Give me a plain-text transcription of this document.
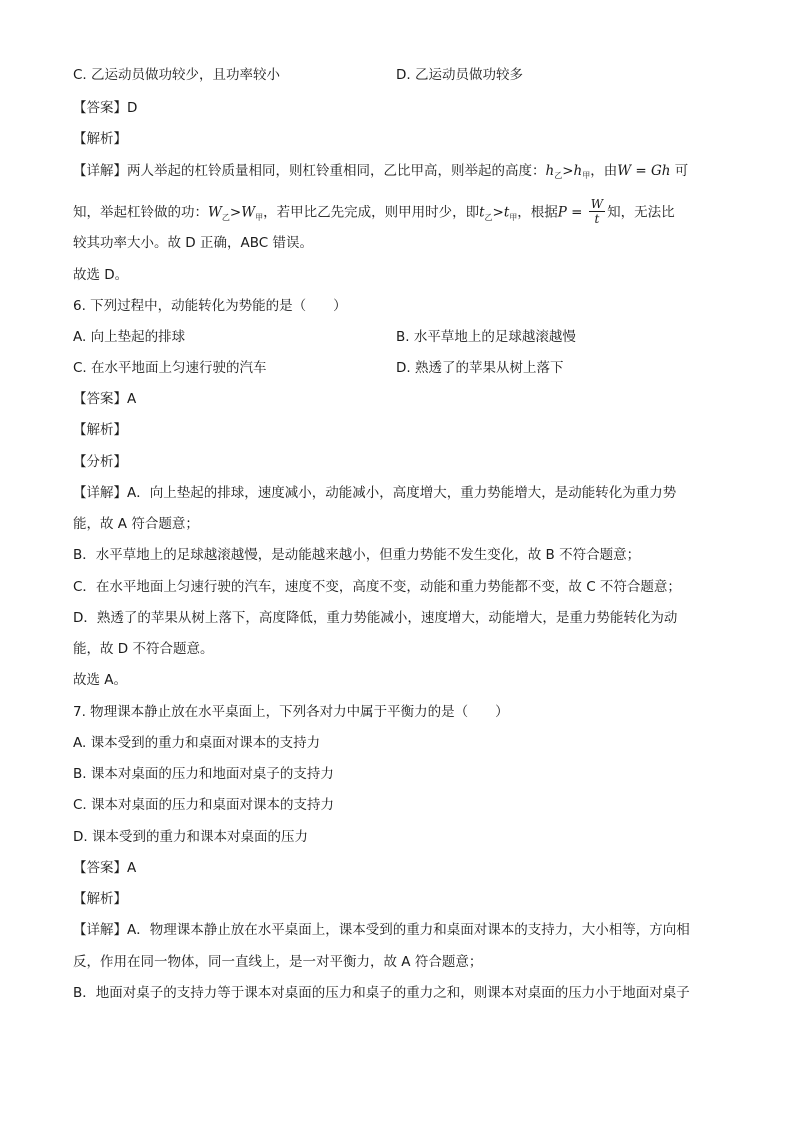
C. 乙运动员做功较少，且功率较小	D. 乙运动员做功较多
【答案】D
【解析】
【详解】两人举起的杠铃质量相同，则杠铃重相同，乙比甲高，则举起的高度：$h_乙>h_甲$，由W = Gh 可
知，举起杠铃做的功：$W_乙>W_甲$，若甲比乙先完成，则甲用时少，即$t_乙>t_甲$，根据$P = \frac{W}{t}$ 知，无法比
较其功率大小。故 D 正确，ABC 错误。
故选 D。
6. 下列过程中，动能转化为势能的是（　　）
A. 向上垫起的排球	B. 水平草地上的足球越滚越慢
C. 在水平地面上匀速行驶的汽车	D. 熟透了的苹果从树上落下
【答案】A
【解析】
【分析】
【详解】A．向上垫起的排球，速度减小，动能减小，高度增大，重力势能增大，是动能转化为重力势
能，故 A 符合题意；
B．水平草地上的足球越滚越慢，是动能越来越小，但重力势能不发生变化，故 B 不符合题意；
C．在水平地面上匀速行驶的汽车，速度不变，高度不变，动能和重力势能都不变，故 C 不符合题意；
D．熟透了的苹果从树上落下，高度降低，重力势能减小，速度增大，动能增大，是重力势能转化为动
能，故 D 不符合题意。
故选 A。
7. 物理课本静止放在水平桌面上，下列各对力中属于平衡力的是（　　）
A. 课本受到的重力和桌面对课本的支持力
B. 课本对桌面的压力和地面对桌子的支持力
C. 课本对桌面的压力和桌面对课本的支持力
D. 课本受到的重力和课本对桌面的压力
【答案】A
【解析】
【详解】A．物理课本静止放在水平桌面上，课本受到的重力和桌面对课本的支持力，大小相等，方向相
反，作用在同一物体，同一直线上，是一对平衡力，故 A 符合题意；
B．地面对桌子的支持力等于课本对桌面的压力和桌子的重力之和，则课本对桌面的压力小于地面对桌子
